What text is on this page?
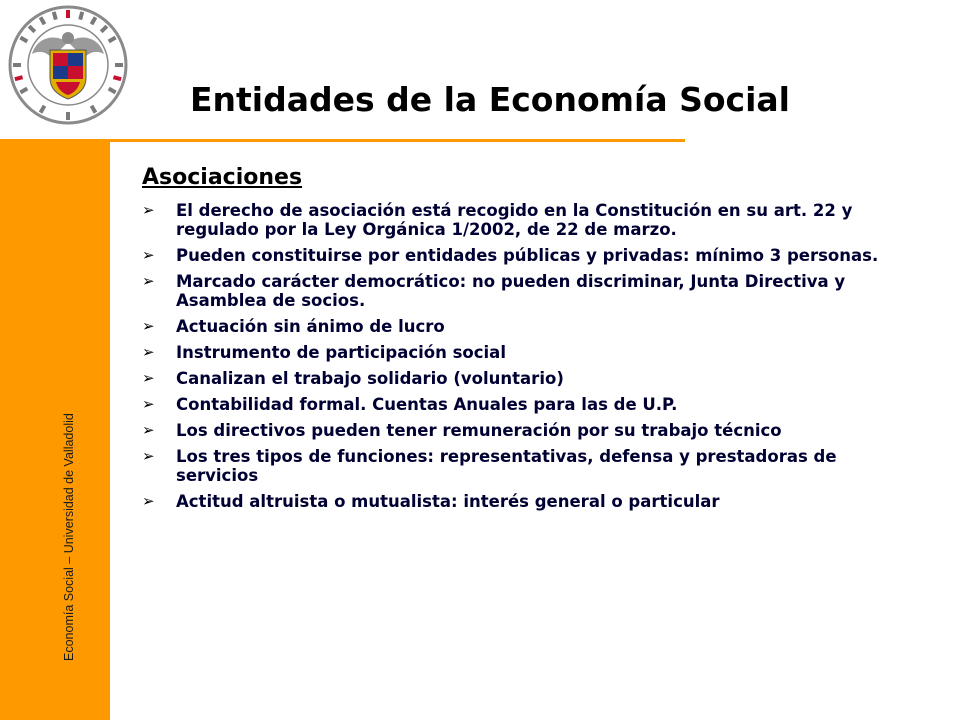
Economía Social – Universidad de Valladolid
Entidades de la Economía Social
Asociaciones
➢ El derecho de asociación está recogido en la Constitución en su art. 22 y regulado por la Ley Orgánica 1/2002, de 22 de marzo.
➢ Pueden constituirse por entidades públicas y privadas: mínimo 3 personas.
➢ Marcado carácter democrático: no pueden discriminar, Junta Directiva y Asamblea de socios.
➢ Actuación sin ánimo de lucro
➢ Instrumento de participación social
➢ Canalizan el trabajo solidario (voluntario)
➢ Contabilidad formal. Cuentas Anuales para las de U.P.
➢ Los directivos pueden tener remuneración por su trabajo técnico
➢ Los tres tipos de funciones: representativas, defensa y prestadoras de servicios
➢ Actitud altruista o mutualista: interés general o particular
